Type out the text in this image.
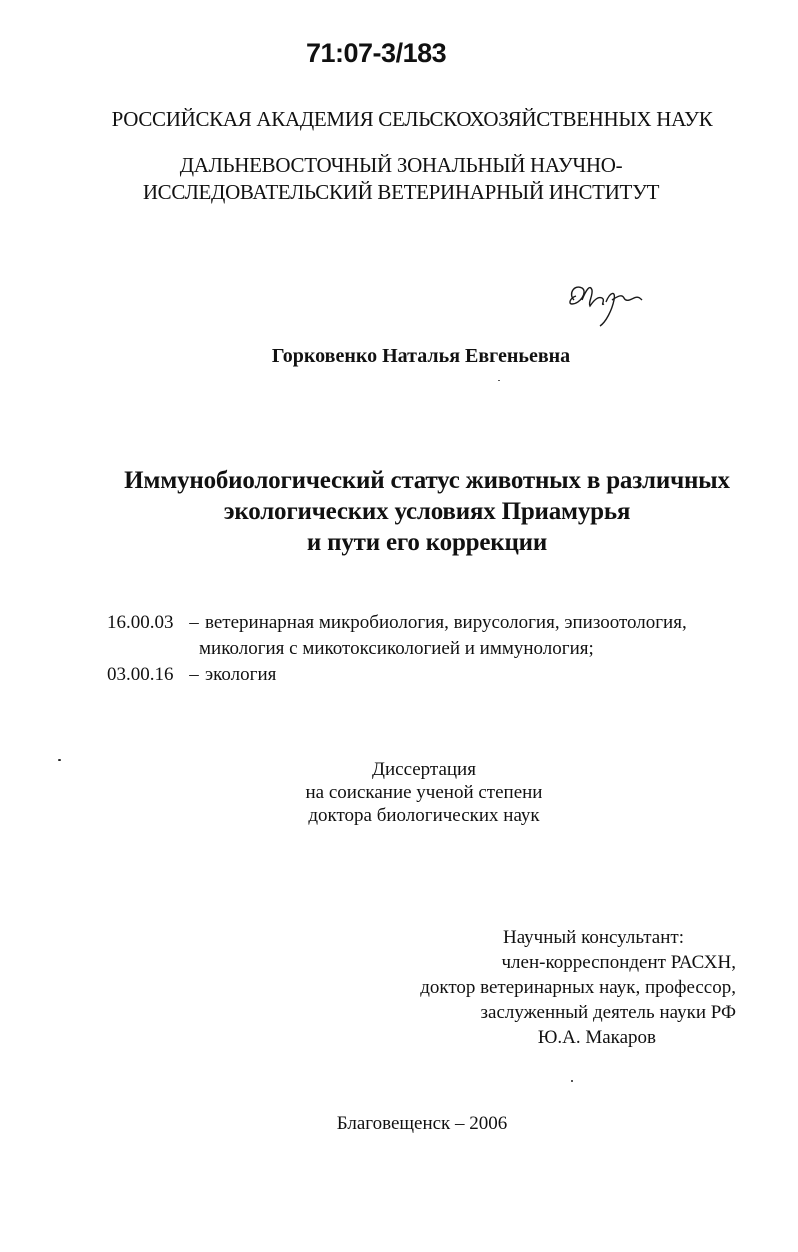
71:07-3/183
РОССИЙСКАЯ АКАДЕМИЯ СЕЛЬСКОХОЗЯЙСТВЕННЫХ НАУК
ДАЛЬНЕВОСТОЧНЫЙ ЗОНАЛЬНЫЙ НАУЧНО-
ИССЛЕДОВАТЕЛЬСКИЙ ВЕТЕРИНАРНЫЙ ИНСТИТУТ
Горковенко Наталья Евгеньевна
Иммунобиологический статус животных в различных
экологических условиях Приамурья
и пути его коррекции
16.00.03 – ветеринарная микробиология, вирусология, эпизоотология,
микология с микотоксикологией и иммунология;
03.00.16 – экология
Диссертация
на соискание ученой степени
доктора биологических наук
Научный консультант:
член-корреспондент РАСХН,
доктор ветеринарных наук, профессор,
заслуженный деятель науки РФ
Ю.А. Макаров
Благовещенск – 2006
